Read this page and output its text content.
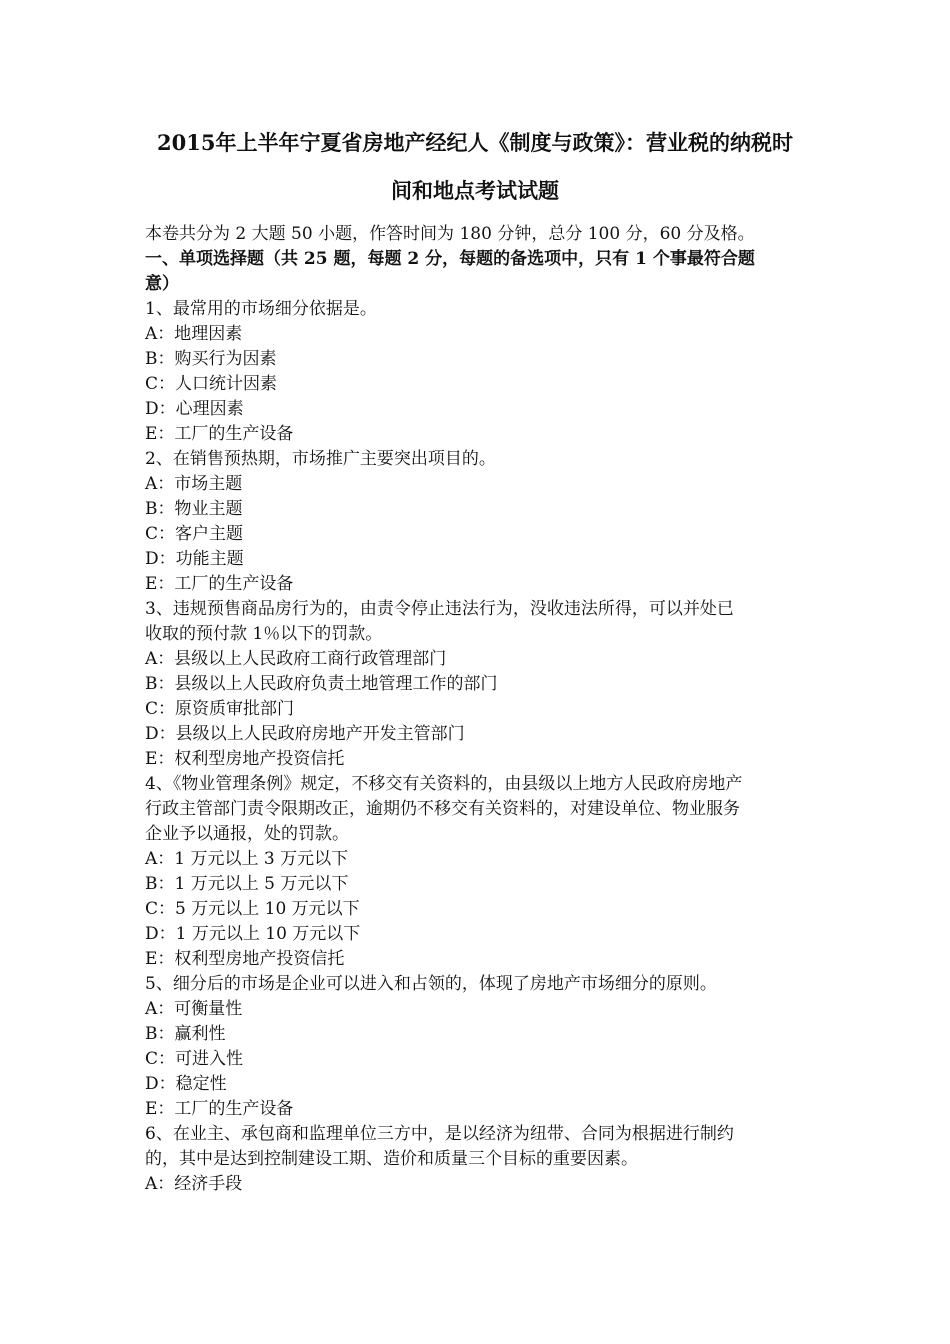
2015年上半年宁夏省房地产经纪人《制度与政策》：营业税的纳税时
间和地点考试试题
本卷共分为 2 大题 50 小题，作答时间为 180 分钟，总分 100 分，60 分及格。
一、单项选择题（共 25 题，每题 2 分，每题的备选项中，只有 1 个事最符合题
意）
1、最常用的市场细分依据是。
A：地理因素
B：购买行为因素
C：人口统计因素
D：心理因素
E：工厂的生产设备
2、在销售预热期，市场推广主要突出项目的。
A：市场主题
B：物业主题
C：客户主题
D：功能主题
E：工厂的生产设备
3、违规预售商品房行为的，由责令停止违法行为，没收违法所得，可以并处已
收取的预付款 1％以下的罚款。
A：县级以上人民政府工商行政管理部门
B：县级以上人民政府负责土地管理工作的部门
C：原资质审批部门
D：县级以上人民政府房地产开发主管部门
E：权利型房地产投资信托
4、《物业管理条例》规定，不移交有关资料的，由县级以上地方人民政府房地产
行政主管部门责令限期改正，逾期仍不移交有关资料的，对建设单位、物业服务
企业予以通报，处的罚款。
A：1 万元以上 3 万元以下
B：1 万元以上 5 万元以下
C：5 万元以上 10 万元以下
D：1 万元以上 10 万元以下
E：权利型房地产投资信托
5、细分后的市场是企业可以进入和占领的，体现了房地产市场细分的原则。
A：可衡量性
B：赢利性
C：可进入性
D：稳定性
E：工厂的生产设备
6、在业主、承包商和监理单位三方中，是以经济为纽带、合同为根据进行制约
的，其中是达到控制建设工期、造价和质量三个目标的重要因素。
A：经济手段
